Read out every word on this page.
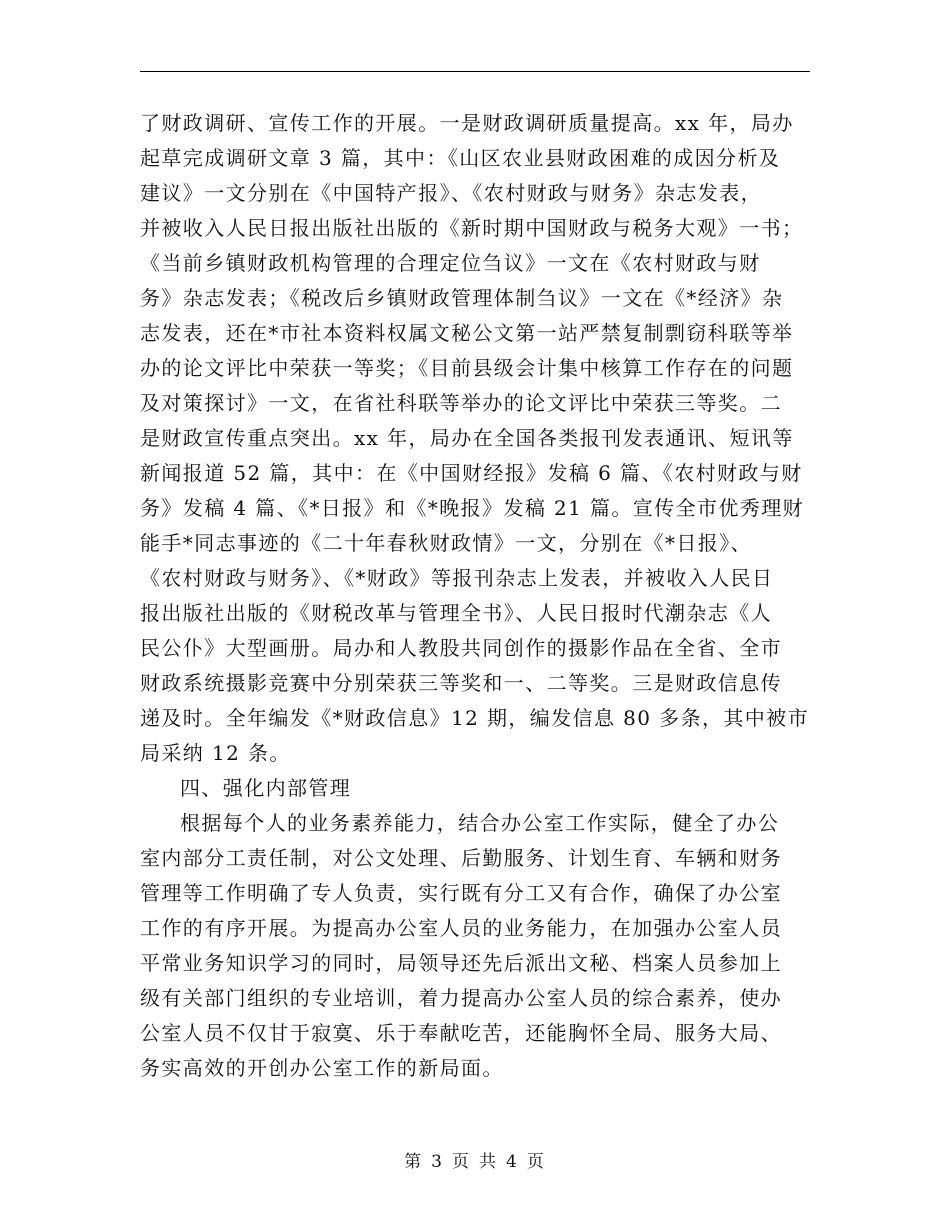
了财政调研、宣传工作的开展。一是财政调研质量提高。xx 年，局办
起草完成调研文章 3 篇，其中：《山区农业县财政困难的成因分析及
建议》一文分别在《中国特产报》、《农村财政与财务》杂志发表，
并被收入人民日报出版社出版的《新时期中国财政与税务大观》一书；
《当前乡镇财政机构管理的合理定位刍议》一文在《农村财政与财
务》杂志发表；《税改后乡镇财政管理体制刍议》一文在《*经济》杂
志发表，还在*市社本资料权属文秘公文第一站严禁复制剽窃科联等举
办的论文评比中荣获一等奖；《目前县级会计集中核算工作存在的问题
及对策探讨》一文，在省社科联等举办的论文评比中荣获三等奖。二
是财政宣传重点突出。xx 年，局办在全国各类报刊发表通讯、短讯等
新闻报道 52 篇，其中：在《中国财经报》发稿 6 篇、《农村财政与财
务》发稿 4 篇、《*日报》和《*晚报》发稿 21 篇。宣传全市优秀理财
能手*同志事迹的《二十年春秋财政情》一文，分别在《*日报》、
《农村财政与财务》、《*财政》等报刊杂志上发表，并被收入人民日
报出版社出版的《财税改革与管理全书》、人民日报时代潮杂志《人
民公仆》大型画册。局办和人教股共同创作的摄影作品在全省、全市
财政系统摄影竞赛中分别荣获三等奖和一、二等奖。三是财政信息传
递及时。全年编发《*财政信息》12 期，编发信息 80 多条，其中被市
局采纳 12 条。
四、强化内部管理
根据每个人的业务素养能力，结合办公室工作实际，健全了办公
室内部分工责任制，对公文处理、后勤服务、计划生育、车辆和财务
管理等工作明确了专人负责，实行既有分工又有合作，确保了办公室
工作的有序开展。为提高办公室人员的业务能力，在加强办公室人员
平常业务知识学习的同时，局领导还先后派出文秘、档案人员参加上
级有关部门组织的专业培训，着力提高办公室人员的综合素养，使办
公室人员不仅甘于寂寞、乐于奉献吃苦，还能胸怀全局、服务大局、
务实高效的开创办公室工作的新局面。
第 3 页 共 4 页
